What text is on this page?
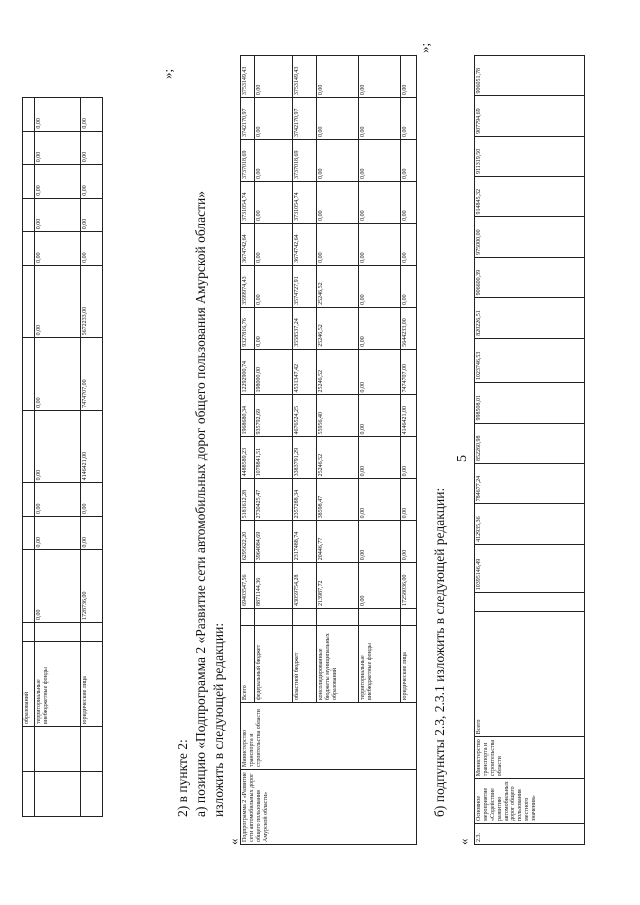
		образований												
		территориальные внебюджетные фонды		0,00	0,00	0,00	0,00	0,00	0,00	0,00	0,00	0,00	0,00	0,00
		юридические лица		1728736,00	0,00	0,00	4146421,00	7474707,00	5672233,00	0,00	0,00	0,00	0,00	0,00
»;
2) в пункте 2: а) позицию «Подпрограмма 2 «Развитие сети автомобильных дорог общего пользования Амурской области» изложить в следующей редакции:
« Подпрограмма 2 «Развитие сети автомобильных дорог общего пользования Амурской области»	Министерство транспорта и строительства области	Всего		69403547,56	6295622,20	5181612,28	4488589,23	1968680,34	12292900,74	9327816,76	3599974,43	3674742,64	3731054,74	3737018,69	3742170,97	3753149,43
		федеральный бюджет		8871144,36	3964084,69	2730425,47	1078841,51	935792,69	198000,00	0,00	0,00	0,00	0,00	0,00	0,00	0,00
		областной бюджет		43059754,28	2317488,74	2357288,34	3383791,29	4676524,25	4531347,42	3558537,24	3574727,91	3674742,64	3731054,74	3737018,69	3742170,97	3753149,43
		консолидированные бюджеты муниципальных образований		213987,72	20446,77	38598,47	25246,52	55956,40	25246,52	25246,52	25246,52	0,00	0,00	0,00	0,00	0,00
		территориальные внебюджетные фонды		0,00	0,00	0,00	0,00	0,00	0,00	0,00	0,00	0,00	0,00	0,00	0,00	0,00
		юридические лица		17258036,00	0,00	0,00	0,00	4146421,00	7474707,00	5644233,00	0,00	0,00	0,00	0,00	0,00	0,00
»;
б) подпункты 2.3, 2.3.1 изложить в следующей редакции:
« 2.3.	Основное мероприятие «Содействие развитию автомобильных дорог общего пользования местного значения»	Министерство транспорта и строительства области	Всего		10395146,49	412935,36	784677,24	852260,98	998508,01	1023746,53	820226,51	906600,39	975000,00	914845,32	911319,50	907794,69	906051,78
5
